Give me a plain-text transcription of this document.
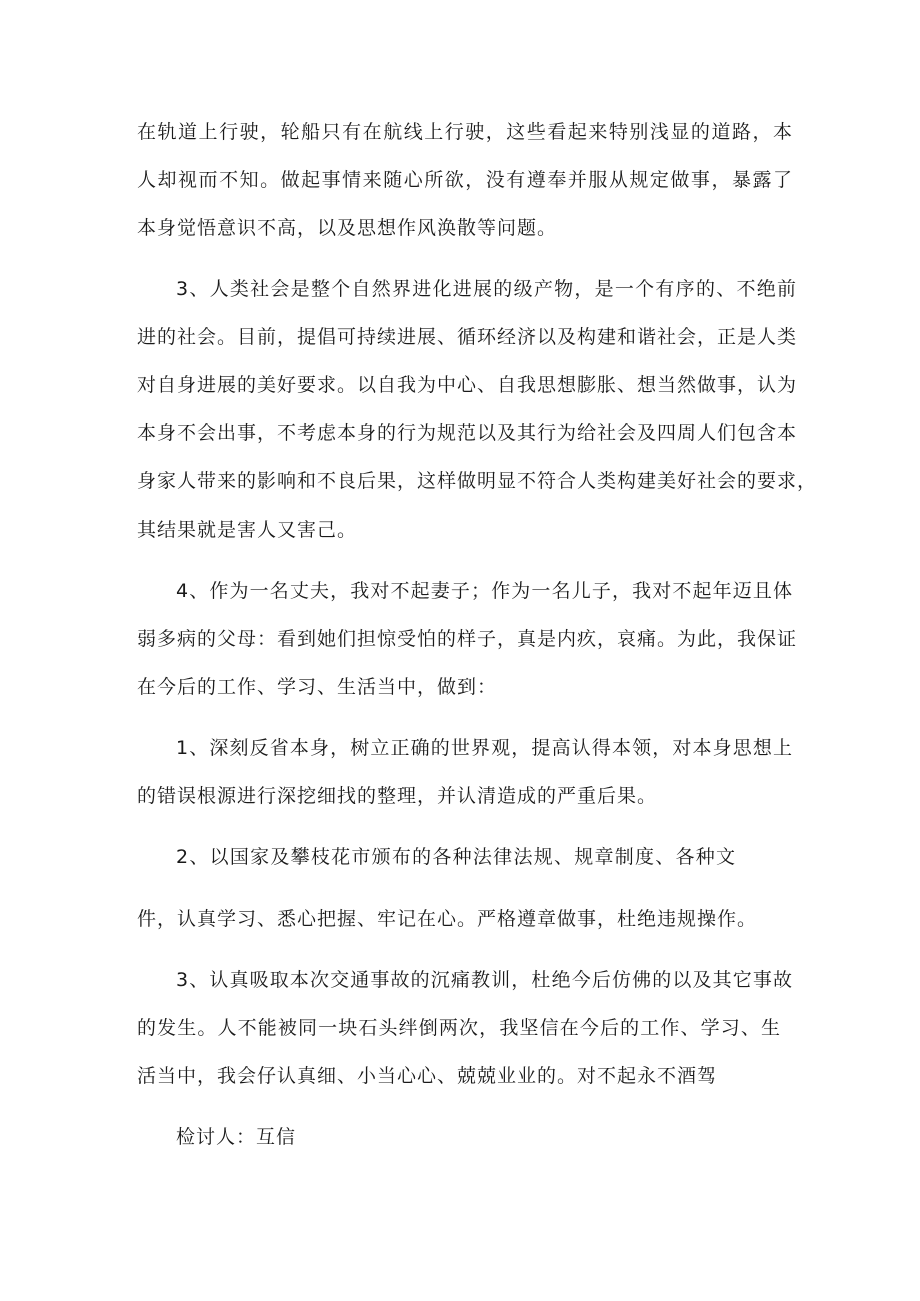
在轨道上行驶，轮船只有在航线上行驶，这些看起来特别浅显的道路，本
人却视而不知。做起事情来随心所欲，没有遵奉并服从规定做事，暴露了
本身觉悟意识不高，以及思想作风涣散等问题。
3、人类社会是整个自然界进化进展的级产物，是一个有序的、不绝前
进的社会。目前，提倡可持续进展、循环经济以及构建和谐社会，正是人类
对自身进展的美好要求。以自我为中心、自我思想膨胀、想当然做事，认为
本身不会出事，不考虑本身的行为规范以及其行为给社会及四周人们包含本
身家人带来的影响和不良后果，这样做明显不符合人类构建美好社会的要求，
其结果就是害人又害己。
4、作为一名丈夫，我对不起妻子；作为一名儿子，我对不起年迈且体
弱多病的父母：看到她们担惊受怕的样子，真是内疚，哀痛。为此，我保证
在今后的工作、学习、生活当中，做到：
1、深刻反省本身，树立正确的世界观，提高认得本领，对本身思想上
的错误根源进行深挖细找的整理，并认清造成的严重后果。
2、以国家及攀枝花市颁布的各种法律法规、规章制度、各种文
件，认真学习、悉心把握、牢记在心。严格遵章做事，杜绝违规操作。
3、认真吸取本次交通事故的沉痛教训，杜绝今后仿佛的以及其它事故
的发生。人不能被同一块石头绊倒两次，我坚信在今后的工作、学习、生
活当中，我会仔认真细、小当心心、兢兢业业的。对不起永不酒驾
检讨人：互信
